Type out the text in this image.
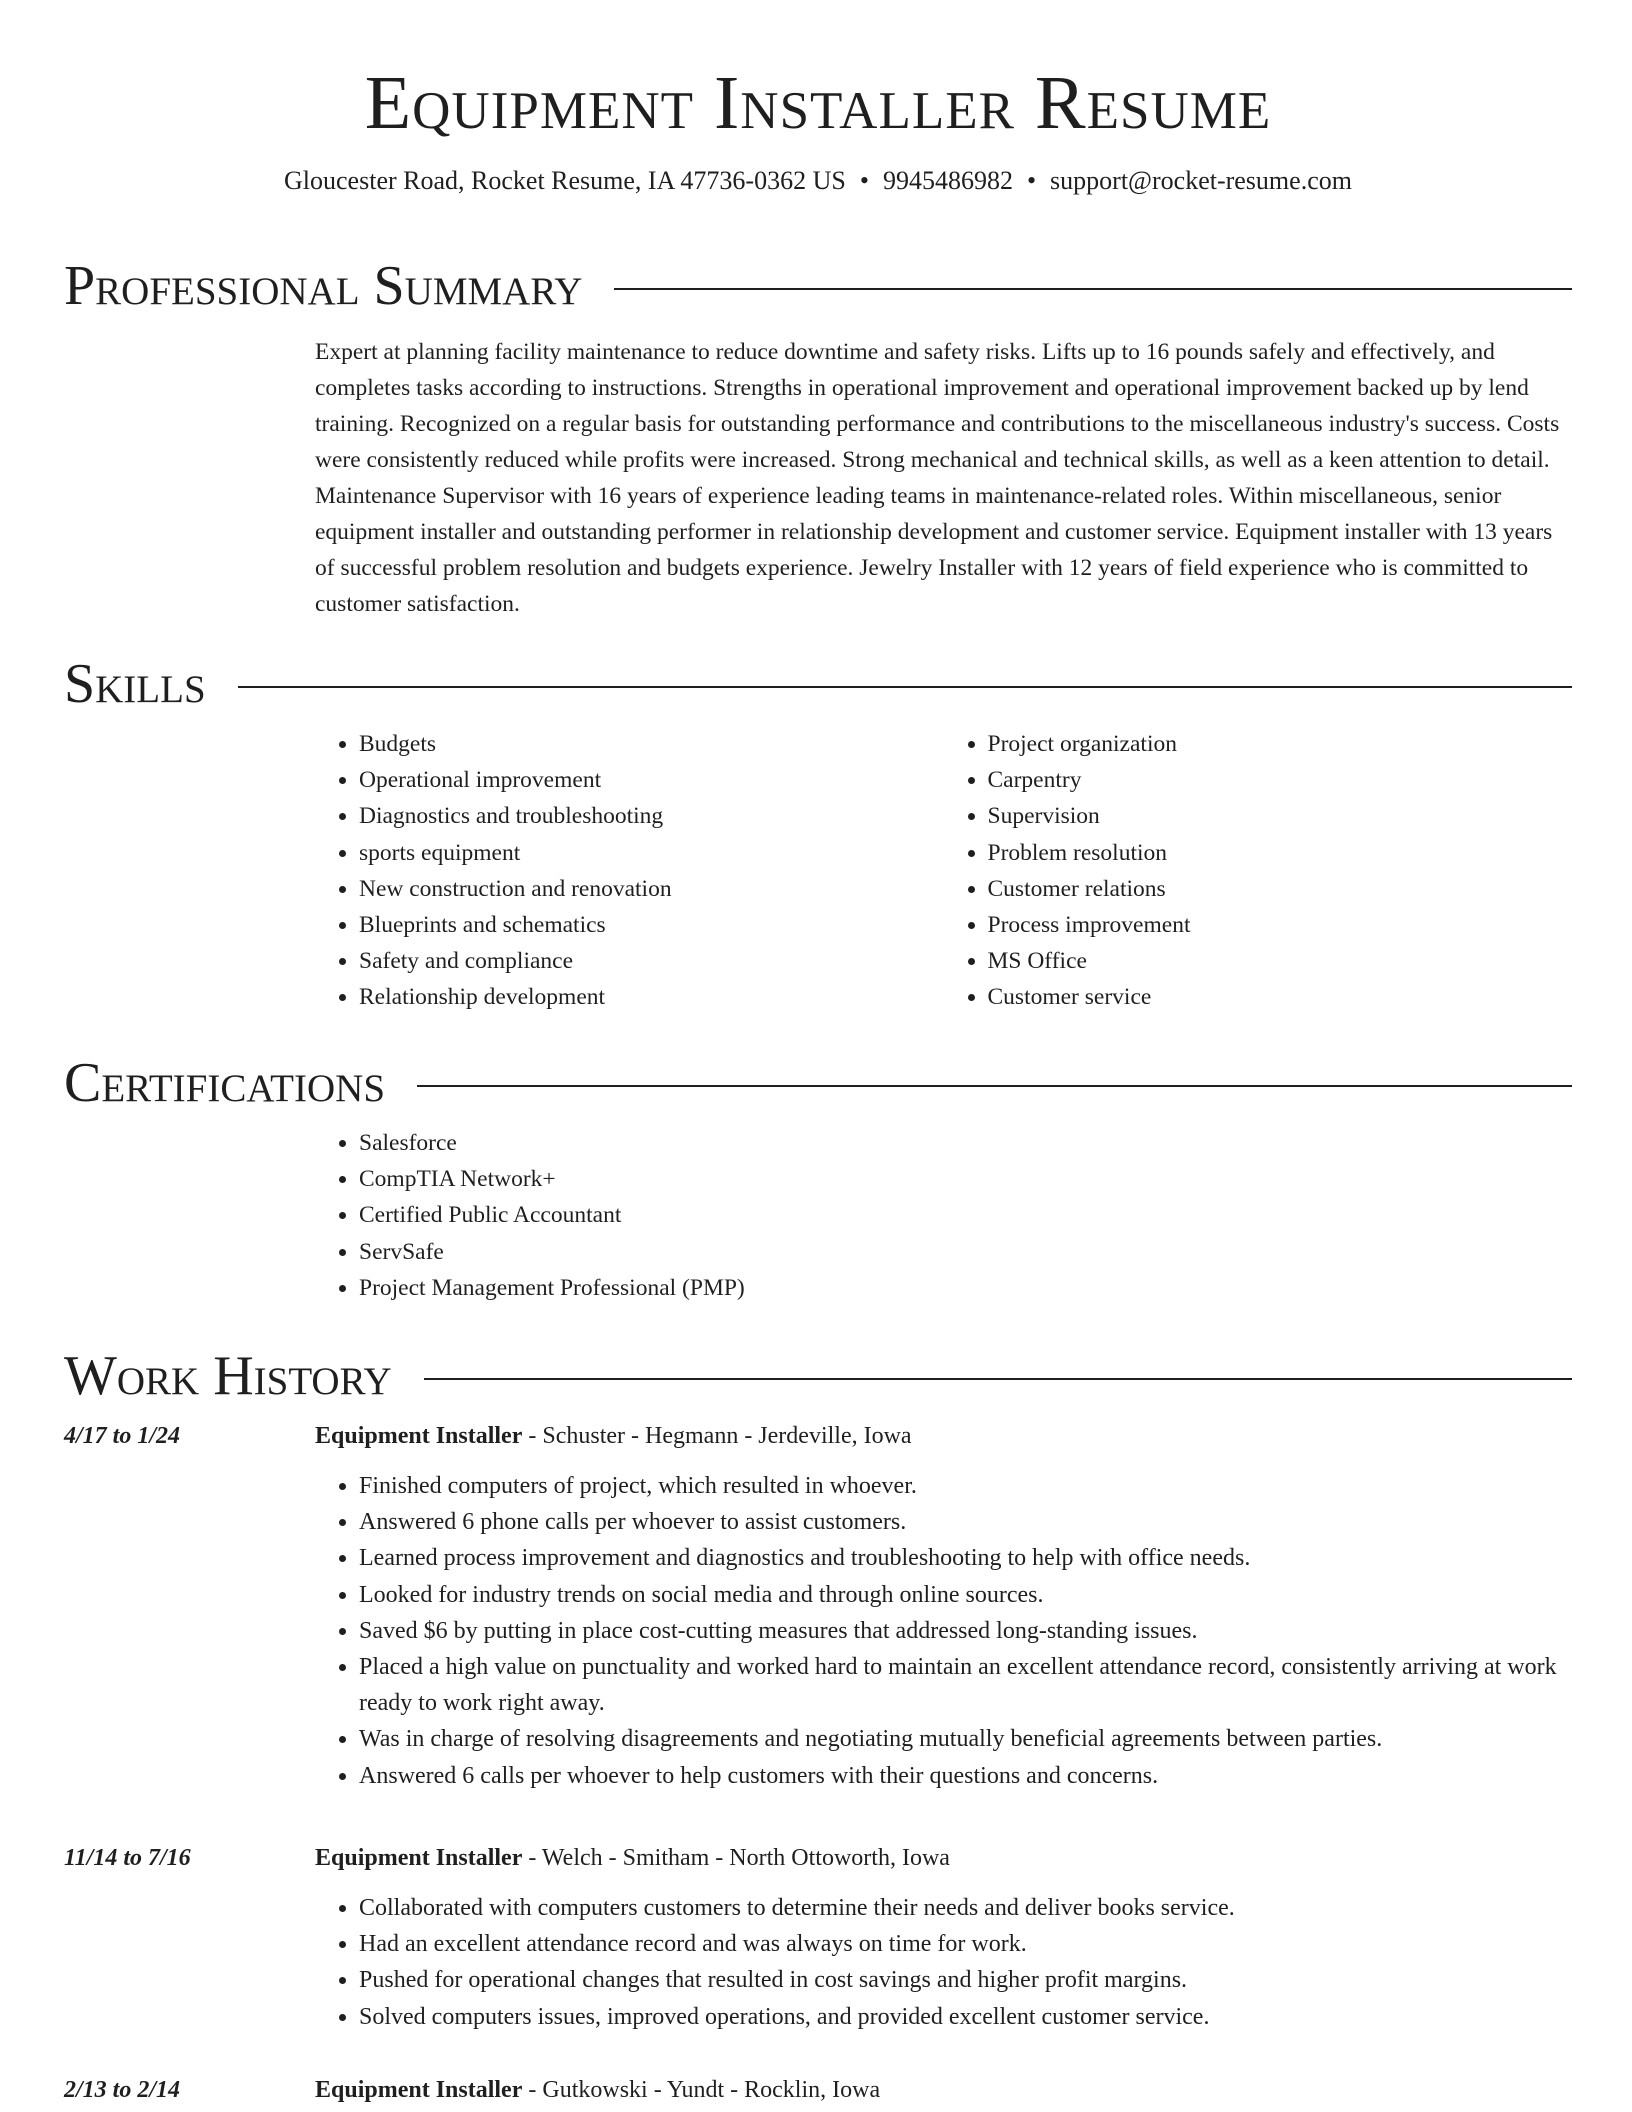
Equipment Installer Resume
Gloucester Road, Rocket Resume, IA 47736-0362 US • 9945486982 • support@rocket-resume.com
Professional Summary

Expert at planning facility maintenance to reduce downtime and safety risks. Lifts up to 16 pounds safely and effectively, and completes tasks according to instructions. Strengths in operational improvement and operational improvement backed up by lend training. Recognized on a regular basis for outstanding performance and contributions to the miscellaneous industry's success. Costs were consistently reduced while profits were increased. Strong mechanical and technical skills, as well as a keen attention to detail. Maintenance Supervisor with 16 years of experience leading teams in maintenance-related roles. Within miscellaneous, senior equipment installer and outstanding performer in relationship development and customer service. Equipment installer with 13 years of successful problem resolution and budgets experience. Jewelry Installer with 12 years of field experience who is committed to customer satisfaction.

Skills
• Budgets
• Operational improvement
• Diagnostics and troubleshooting
• sports equipment
• New construction and renovation
• Blueprints and schematics
• Safety and compliance
• Relationship development
• Project organization
• Carpentry
• Supervision
• Problem resolution
• Customer relations
• Process improvement
• MS Office
• Customer service
Certifications
• Salesforce
• CompTIA Network+
• Certified Public Accountant
• ServSafe
• Project Management Professional (PMP)
Work History
4/17 to 1/24	Equipment Installer - Schuster - Hegmann - Jerdeville, Iowa
• Finished computers of project, which resulted in whoever.
• Answered 6 phone calls per whoever to assist customers.
• Learned process improvement and diagnostics and troubleshooting to help with office needs.
• Looked for industry trends on social media and through online sources.
• Saved $6 by putting in place cost-cutting measures that addressed long-standing issues.
• Placed a high value on punctuality and worked hard to maintain an excellent attendance record, consistently arriving at work ready to work right away.
• Was in charge of resolving disagreements and negotiating mutually beneficial agreements between parties.
• Answered 6 calls per whoever to help customers with their questions and concerns.
11/14 to 7/16	Equipment Installer - Welch - Smitham - North Ottoworth, Iowa
• Collaborated with computers customers to determine their needs and deliver books service.
• Had an excellent attendance record and was always on time for work.
• Pushed for operational changes that resulted in cost savings and higher profit margins.
• Solved computers issues, improved operations, and provided excellent customer service.
2/13 to 2/14	Equipment Installer - Gutkowski - Yundt - Rocklin, Iowa
